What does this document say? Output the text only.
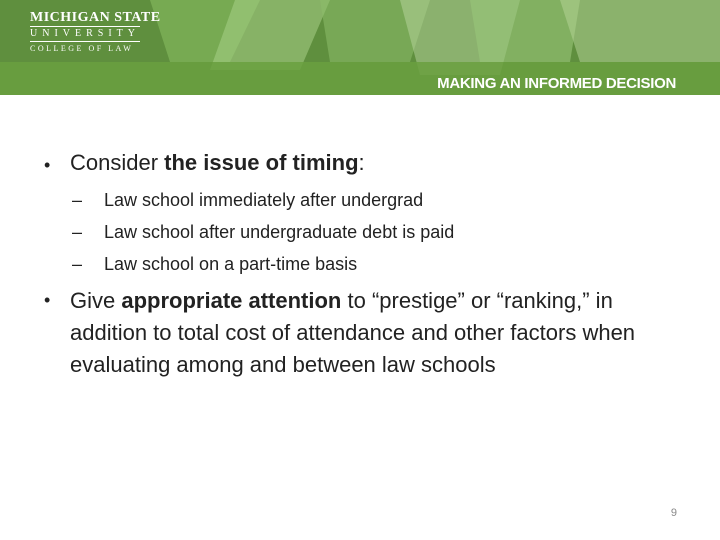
MICHIGAN STATE
UNIVERSITY
COLLEGE OF LAW
MAKING AN INFORMED DECISION
• Consider the issue of timing:
– Law school immediately after undergrad
– Law school after undergraduate debt is paid
– Law school on a part-time basis
• Give appropriate attention to “prestige” or “ranking,” in addition to total cost of attendance and other factors when evaluating among and between law schools
9
